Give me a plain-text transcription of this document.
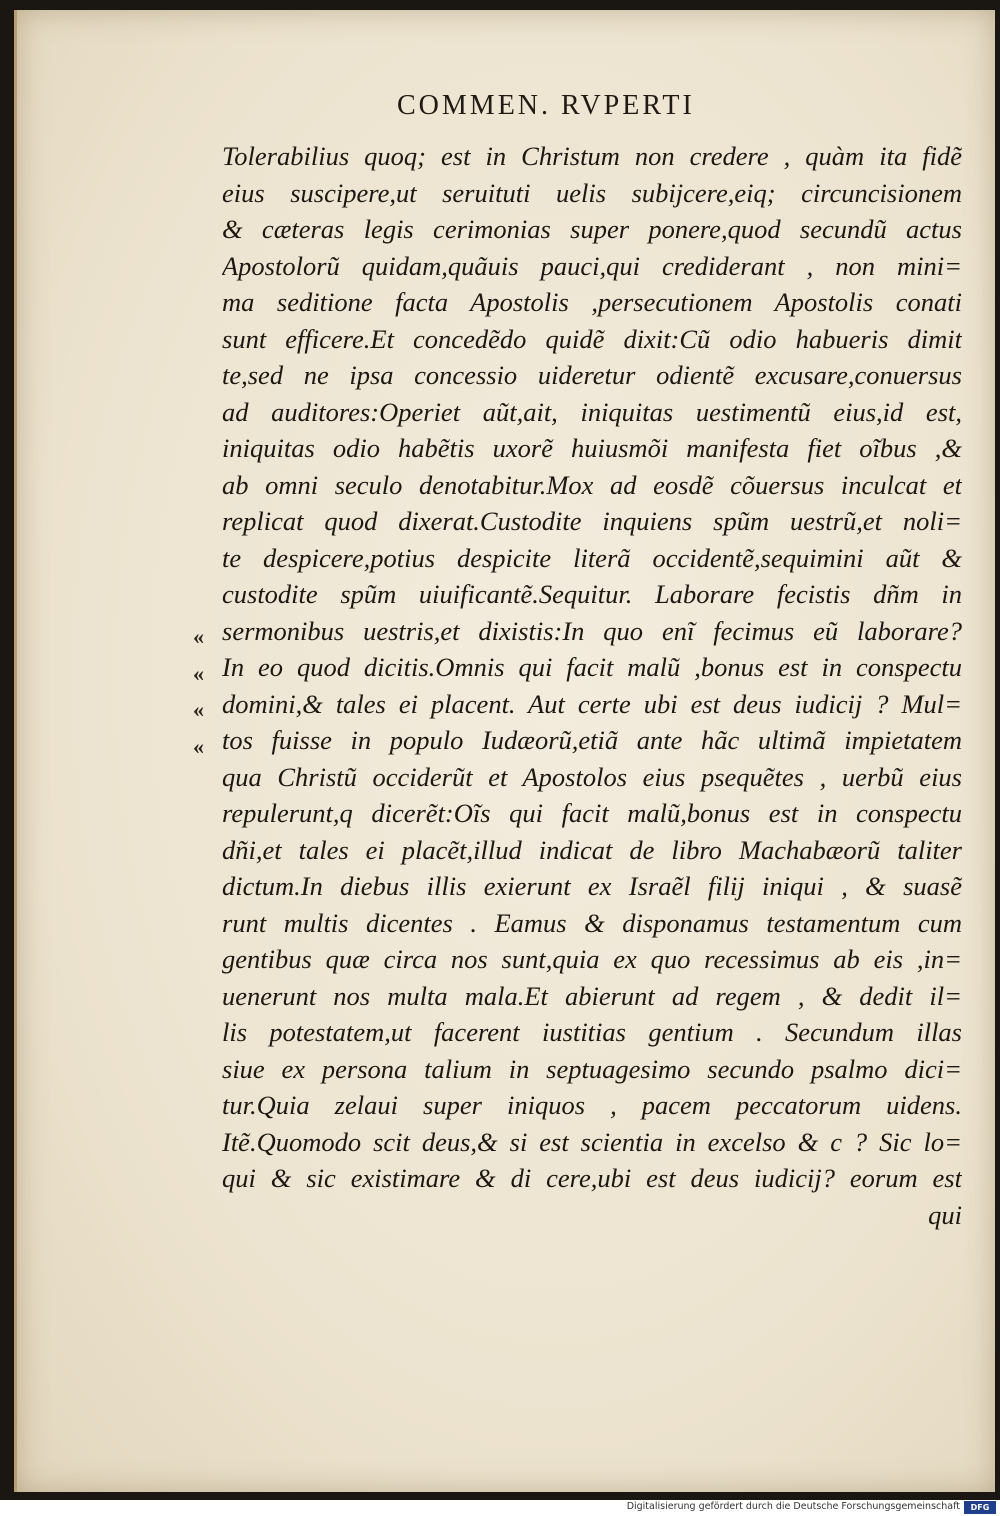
COMMEN. RVPERTI
Tolerabilius quoq; est in Christum non credere , quàm ita fidẽ
eius suscipere,ut seruituti uelis subijcere,eiq; circuncisionem
& cæteras legis cerimonias super ponere,quod secundũ actus
Apostolorũ quidam,quãuis pauci,qui crediderant , non mini=
ma seditione facta Apostolis ,persecutionem Apostolis conati
sunt efficere.Et concedẽdo quidẽ dixit:Cũ odio habueris dimit
te,sed ne ipsa concessio uideretur odientẽ excusare,conuersus
ad auditores:Operiet aũt,ait, iniquitas uestimentũ eius,id est,
iniquitas odio habẽtis uxorẽ huiusmõi manifesta fiet oĩbus ,&
ab omni seculo denotabitur.Mox ad eosdẽ cõuersus inculcat et
replicat quod dixerat.Custodite inquiens spũm uestrũ,et noli=
te despicere,potius despicite literã occidentẽ,sequimini aũt &
custodite spũm uiuificantẽ.Sequitur. Laborare fecistis dñm in
sermonibus uestris,et dixistis:In quo enĩ fecimus eũ laborare?
In eo quod dicitis.Omnis qui facit malũ ,bonus est in conspectu
domini,& tales ei placent. Aut certe ubi est deus iudicij ? Mul=
tos fuisse in populo Iudæorũ,etiã ante hãc ultimã impietatem
qua Christũ occiderũt et Apostolos eius psequẽtes , uerbũ eius
repulerunt,q dicerẽt:Oĩs qui facit malũ,bonus est in conspectu
dñi,et tales ei placẽt,illud indicat de libro Machabæorũ taliter
dictum.In diebus illis exierunt ex Israẽl filij iniqui , & suasẽ
runt multis dicentes . Eamus & disponamus testamentum cum
gentibus quæ circa nos sunt,quia ex quo recessimus ab eis ,in=
uenerunt nos multa mala.Et abierunt ad regem , & dedit il=
lis potestatem,ut facerent iustitias gentium . Secundum illas
siue ex persona talium in septuagesimo secundo psalmo dici=
tur.Quia zelaui super iniquos , pacem peccatorum uidens.
Itẽ.Quomodo scit deus,& si est scientia in excelso & c ? Sic lo=
qui & sic existimare & di cere,ubi est deus iudicij? eorum est
qui
«
«
«
«
Digitalisierung gefördert durch die Deutsche Forschungsgemeinschaft	DFG
